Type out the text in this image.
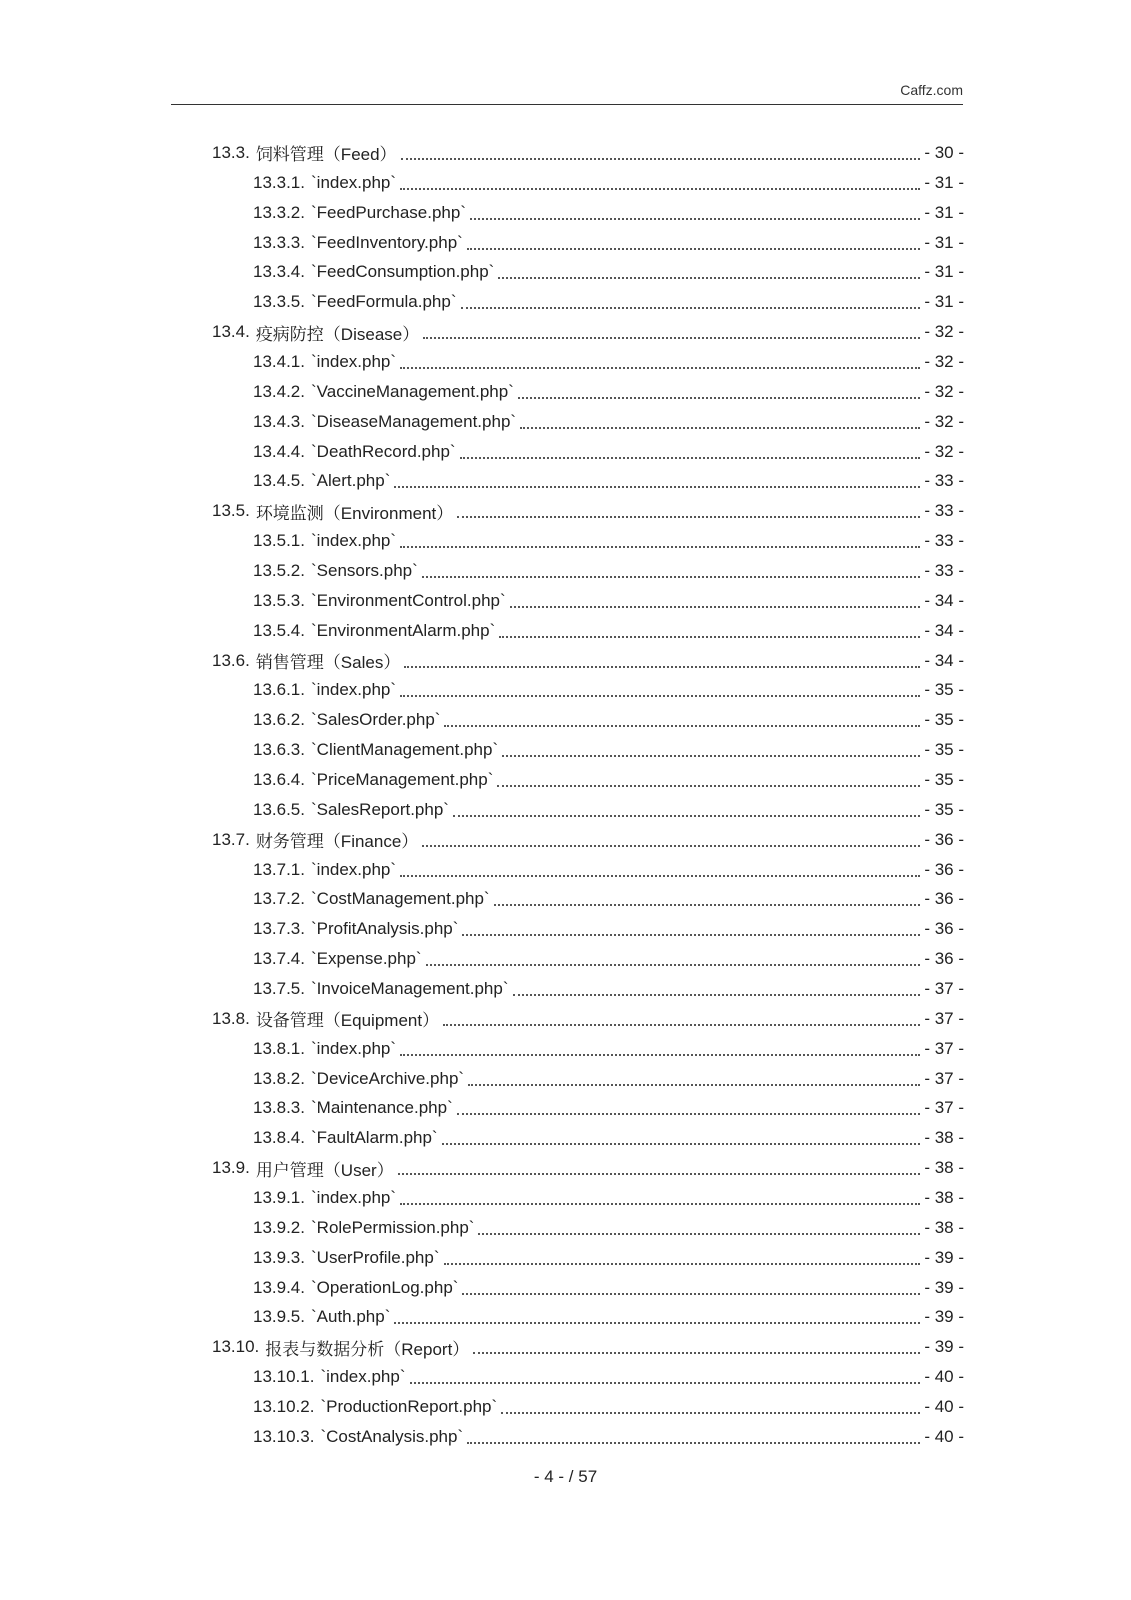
Caffz.com
13.3. 饲料管理（Feed）	- 30 -
13.3.1. `index.php`	- 31 -
13.3.2. `FeedPurchase.php`	- 31 -
13.3.3. `FeedInventory.php`	- 31 -
13.3.4. `FeedConsumption.php`	- 31 -
13.3.5. `FeedFormula.php`	- 31 -
13.4. 疫病防控（Disease）	- 32 -
13.4.1. `index.php`	- 32 -
13.4.2. `VaccineManagement.php`	- 32 -
13.4.3. `DiseaseManagement.php`	- 32 -
13.4.4. `DeathRecord.php`	- 32 -
13.4.5. `Alert.php`	- 33 -
13.5. 环境监测（Environment）	- 33 -
13.5.1. `index.php`	- 33 -
13.5.2. `Sensors.php`	- 33 -
13.5.3. `EnvironmentControl.php`	- 34 -
13.5.4. `EnvironmentAlarm.php`	- 34 -
13.6. 销售管理（Sales）	- 34 -
13.6.1. `index.php`	- 35 -
13.6.2. `SalesOrder.php`	- 35 -
13.6.3. `ClientManagement.php`	- 35 -
13.6.4. `PriceManagement.php`	- 35 -
13.6.5. `SalesReport.php`	- 35 -
13.7. 财务管理（Finance）	- 36 -
13.7.1. `index.php`	- 36 -
13.7.2. `CostManagement.php`	- 36 -
13.7.3. `ProfitAnalysis.php`	- 36 -
13.7.4. `Expense.php`	- 36 -
13.7.5. `InvoiceManagement.php`	- 37 -
13.8. 设备管理（Equipment）	- 37 -
13.8.1. `index.php`	- 37 -
13.8.2. `DeviceArchive.php`	- 37 -
13.8.3. `Maintenance.php`	- 37 -
13.8.4. `FaultAlarm.php`	- 38 -
13.9. 用户管理（User）	- 38 -
13.9.1. `index.php`	- 38 -
13.9.2. `RolePermission.php`	- 38 -
13.9.3. `UserProfile.php`	- 39 -
13.9.4. `OperationLog.php`	- 39 -
13.9.5. `Auth.php`	- 39 -
13.10. 报表与数据分析（Report）	- 39 -
13.10.1. `index.php`	- 40 -
13.10.2. `ProductionReport.php`	- 40 -
13.10.3. `CostAnalysis.php`	- 40 -
- 4 - / 57
